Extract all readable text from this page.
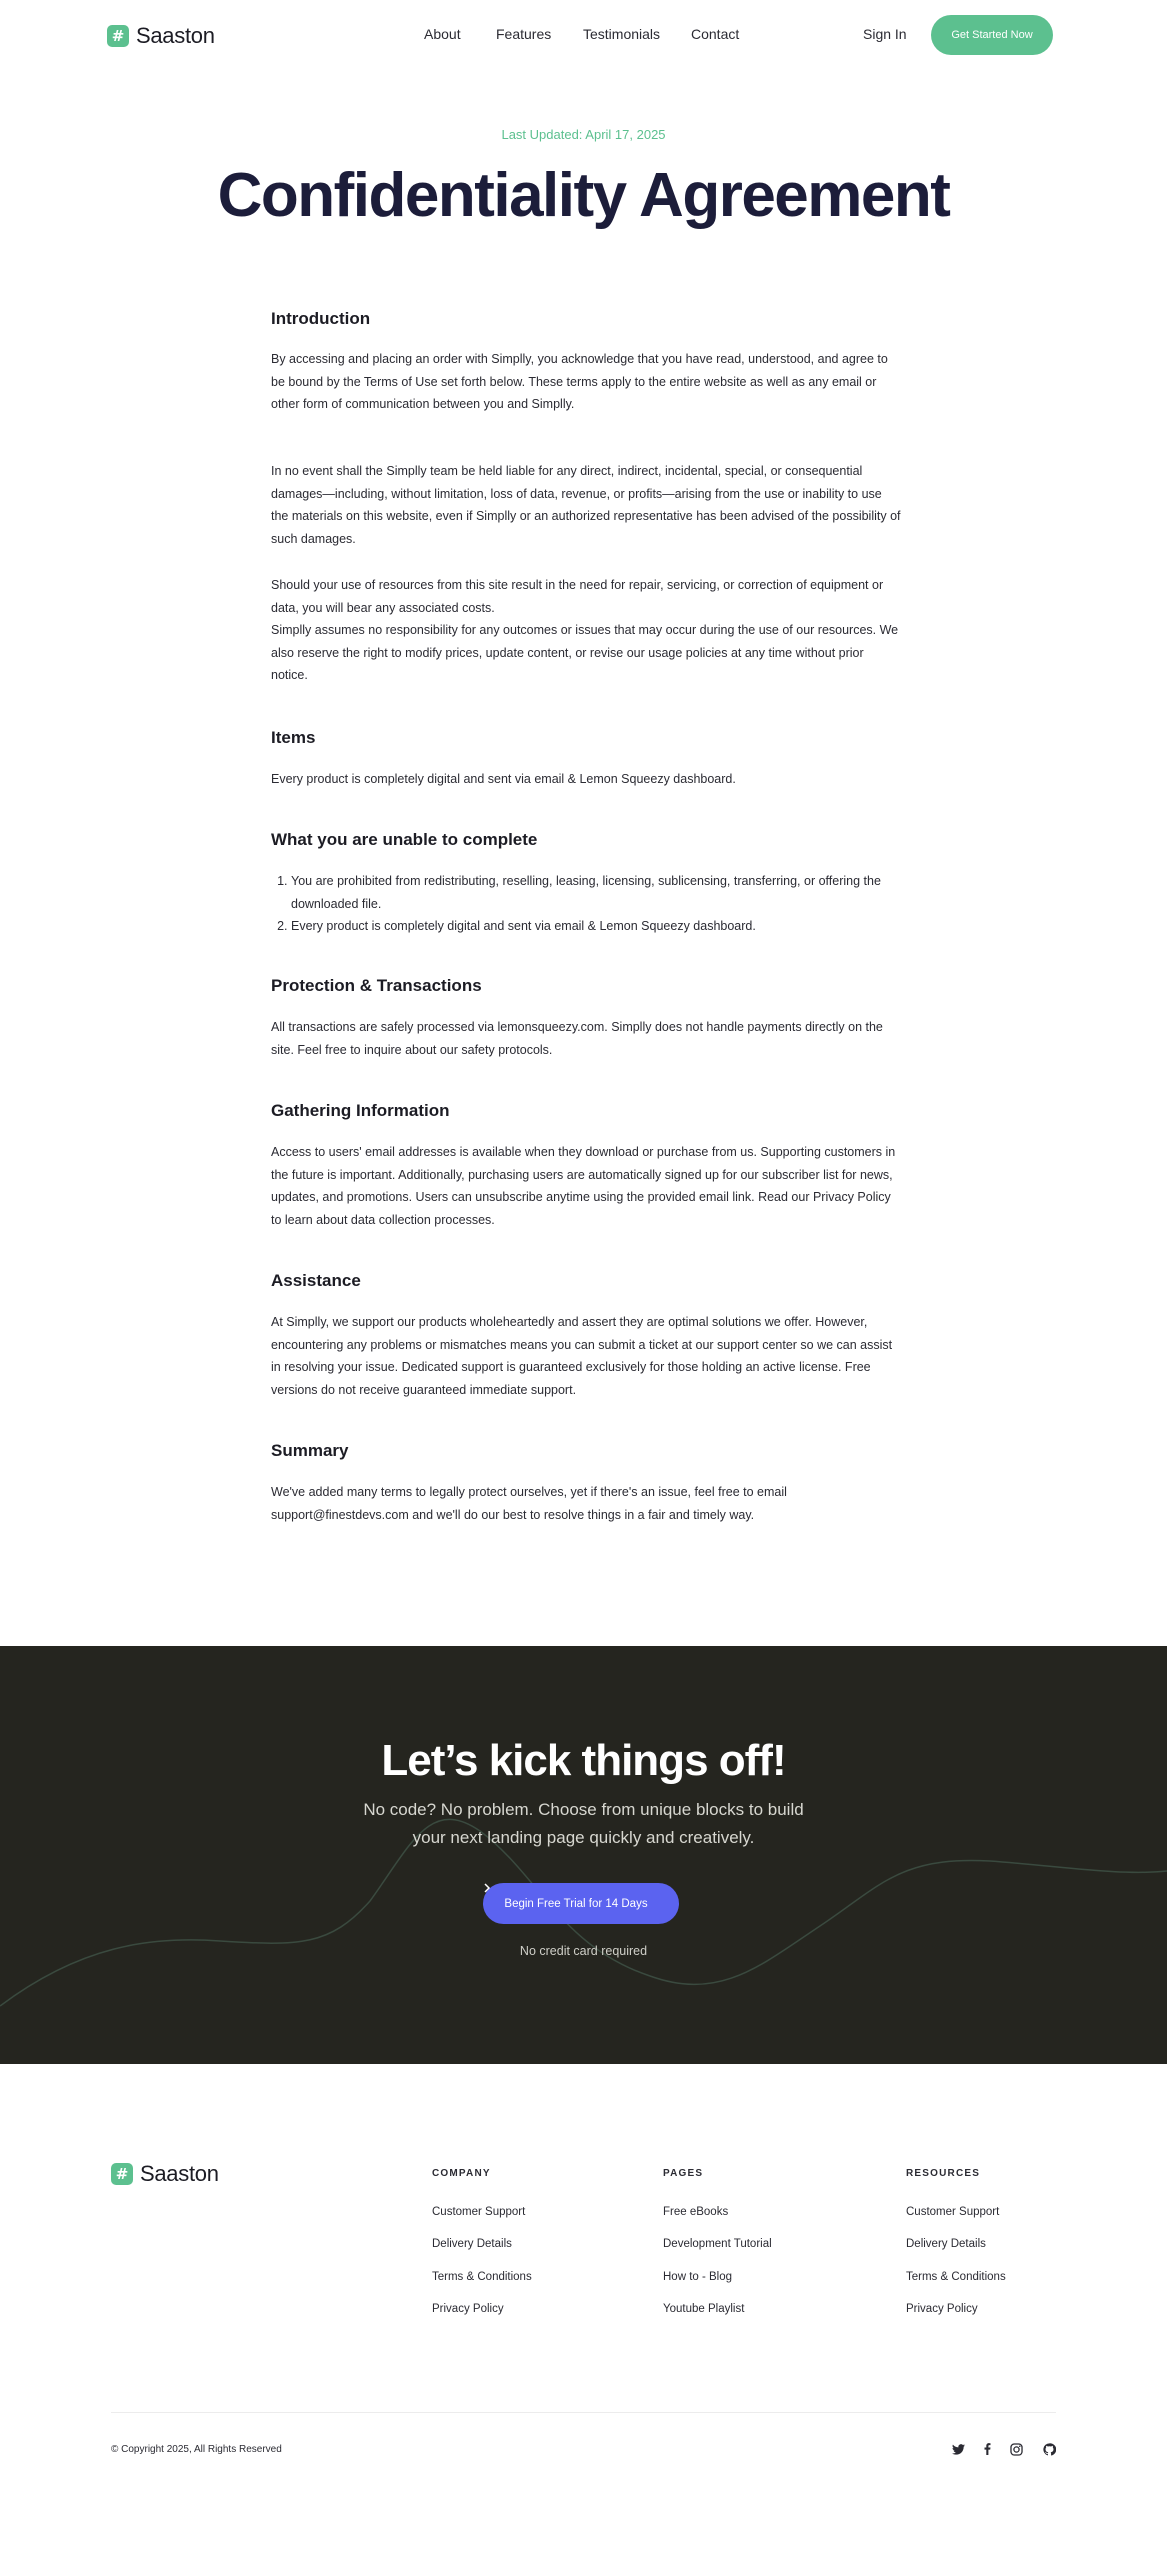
# Saaston	About	Features	Testimonials	Contact	Sign In	Get Started Now
Last Updated: April 17, 2025
Confidentiality Agreement
Introduction

By accessing and placing an order with Simplly, you acknowledge that you have read, understood, and agree to be bound by the Terms of Use set forth below. These terms apply to the entire website as well as any email or other form of communication between you and Simplly.

In no event shall the Simplly team be held liable for any direct, indirect, incidental, special, or consequential damages—including, without limitation, loss of data, revenue, or profits—arising from the use or inability to use the materials on this website, even if Simplly or an authorized representative has been advised of the possibility of such damages.

Should your use of resources from this site result in the need for repair, servicing, or correction of equipment or data, you will bear any associated costs.

Simplly assumes no responsibility for any outcomes or issues that may occur during the use of our resources. We also reserve the right to modify prices, update content, or revise our usage policies at any time without prior notice.

Items

Every product is completely digital and sent via email & Lemon Squeezy dashboard.

What you are unable to complete
1. You are prohibited from redistributing, reselling, leasing, licensing, sublicensing, transferring, or offering the downloaded file.
2. Every product is completely digital and sent via email & Lemon Squeezy dashboard.
Protection & Transactions

All transactions are safely processed via lemonsqueezy.com. Simplly does not handle payments directly on the site. Feel free to inquire about our safety protocols.

Gathering Information

Access to users' email addresses is available when they download or purchase from us. Supporting customers in the future is important. Additionally, purchasing users are automatically signed up for our subscriber list for news, updates, and promotions. Users can unsubscribe anytime using the provided email link. Read our Privacy Policy to learn about data collection processes.

Assistance

At Simplly, we support our products wholeheartedly and assert they are optimal solutions we offer. However, encountering any problems or mismatches means you can submit a ticket at our support center so we can assist in resolving your issue. Dedicated support is guaranteed exclusively for those holding an active license. Free versions do not receive guaranteed immediate support.

Summary

We've added many terms to legally protect ourselves, yet if there's an issue, feel free to email support@finestdevs.com and we'll do our best to resolve things in a fair and timely way.

Let’s kick things off!
No code? No problem. Choose from unique blocks to build your next landing page quickly and creatively.
Begin Free Trial for 14 Days
No credit card required
# Saaston	COMPANY
Customer Support
Delivery Details
Terms & Conditions
Privacy Policy
PAGES
Free eBooks
Development Tutorial
How to - Blog
Youtube Playlist
RESOURCES
Customer Support
Delivery Details
Terms & Conditions
Privacy Policy
© Copyright 2025, All Rights Reserved
